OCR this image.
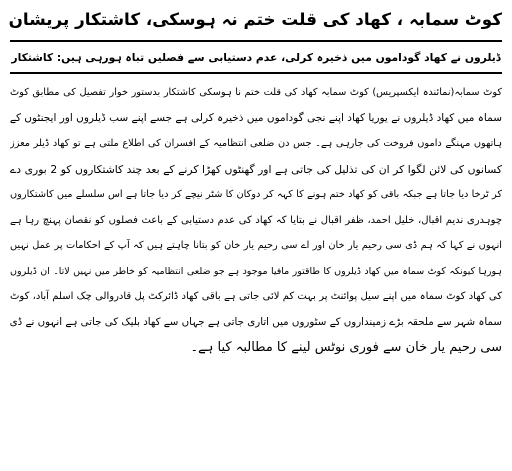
کوٹ سمابہ ، کھاد کی قلت ختم نہ ہوسکی، کاشتکار پریشان
ڈیلروں نے کھاد گوداموں میں ذخیرہ کرلی، عدم دستیابی سے فصلیں تباہ ہورہی ہیں: کاشتکار
کوٹ سمابہ(نمائندہ ایکسپریس) کوٹ سمابہ کھاد کی قلت ختم نا ہوسکی کاشتکار بدستور خوار تفصیل کی مطابق کوٹ
سماہ میں کھاد ڈیلروں نے یوریا کھاد اپنے نجی گوداموں میں ذخیرہ کرلی ہے جسے اپنے سب ڈیلروں اور ایجنٹوں کے
ہاتھوں مہنگے داموں فروخت کی جارہی ہے۔ جس دن ضلعی انتظامیہ کے افسران کی اطلاع ملتی ہے تو کھاد ڈیلر معزز
کسانوں کی لائن لگوا کر ان کی تذلیل کی جاتی ہے اور گھنٹوں کھڑا کرنے کے بعد چند کاشتکاروں کو 2 بوری دے
کر ٹرخا دیا جاتا ہے جبکہ باقی کو کھاد ختم ہونے کا کہہ کر دوکان کا شٹر نیچے کر دیا جاتا ہے اس سلسلے میں کاشتکاروں
چوہدری ندیم اقبال، خلیل احمد، ظفر اقبال نے بتایا کہ کھاد کی عدم دستیابی کے باعث فصلوں کو نقصان پہنچ رہا ہے
انہوں نے کہا کہ ہم ڈی سی رحیم یار خان اور اے سی رحیم یار خان کو بتانا چاہتے ہیں کہ آپ کے احکامات پر عمل نہیں
ہورہا کیونکہ کوٹ سماہ میں کھاد ڈیلروں کا طاقتور مافیا موجود ہے جو ضلعی انتظامیہ کو خاطر میں نہیں لاتا۔ ان ڈیلروں
کی کھاد کوٹ سماہ میں اپنے سیل پوائنٹ پر بہت کم لائی جاتی ہے باقی کھاد ڈائرکٹ پل قادروالی چک اسلم آباد، کوٹ
سماہ شہر سے ملحقہ بڑے زمینداروں کے سٹوروں میں اتاری جاتی ہے جہاں سے کھاد بلیک کی جاتی ہے انہوں نے ڈی
سی رحیم یار خان سے فوری نوٹس لینے کا مطالبہ کیا ہے۔
